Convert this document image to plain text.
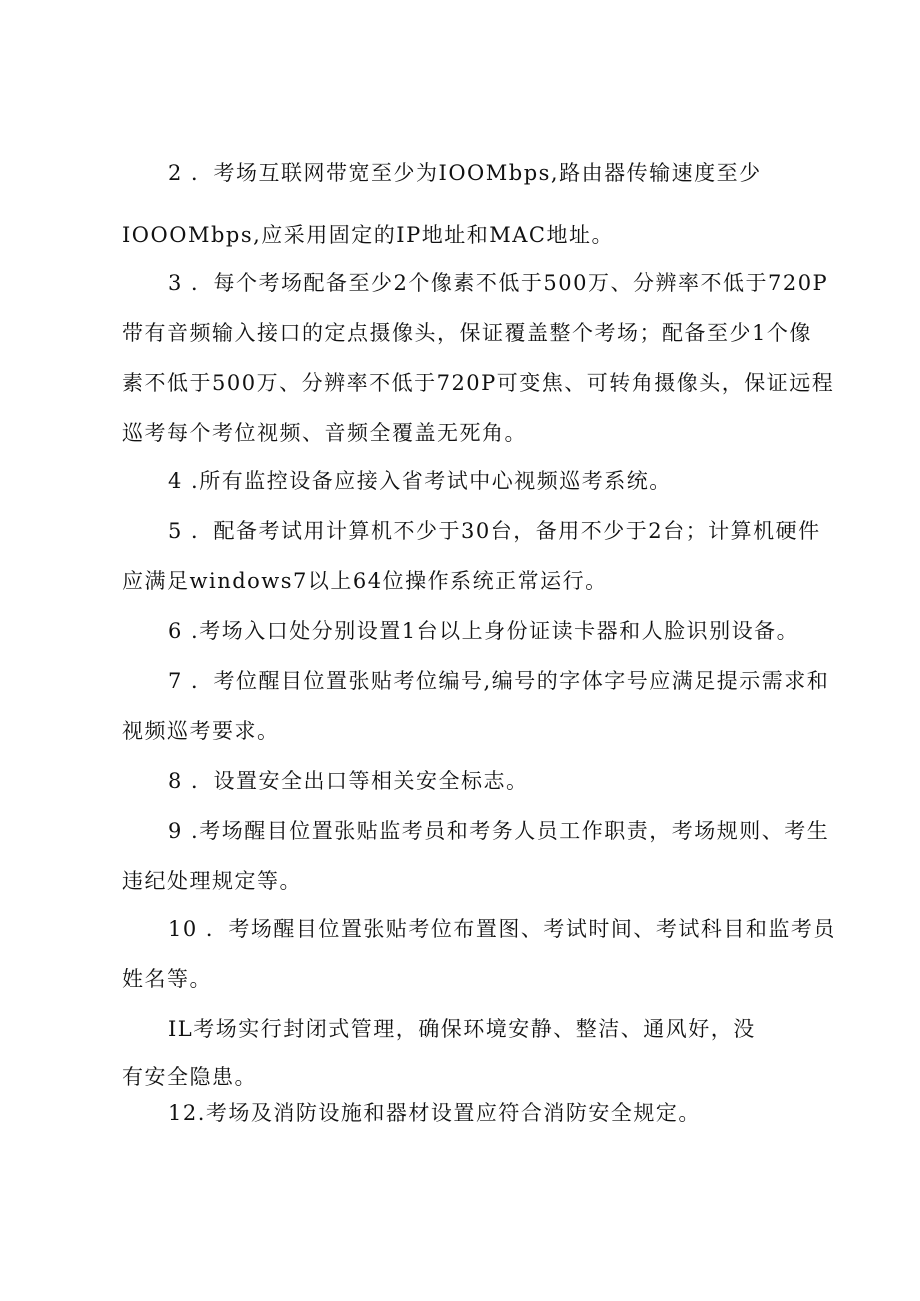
2 ．考场互联网带宽至少为IOOMbps,路由器传输速度至少
IOOOMbps,应采用固定的IP地址和MAC地址。
3 ．每个考场配备至少2个像素不低于500万、分辨率不低于720P
带有音频输入接口的定点摄像头，保证覆盖整个考场；配备至少1个像
素不低于500万、分辨率不低于720P可变焦、可转角摄像头，保证远程
巡考每个考位视频、音频全覆盖无死角。
4 .所有监控设备应接入省考试中心视频巡考系统。
5 ．配备考试用计算机不少于30台，备用不少于2台；计算机硬件
应满足windows7以上64位操作系统正常运行。
6 .考场入口处分别设置1台以上身份证读卡器和人脸识别设备。
7 ．考位醒目位置张贴考位编号,编号的字体字号应满足提示需求和
视频巡考要求。
8 ．设置安全出口等相关安全标志。
9 .考场醒目位置张贴监考员和考务人员工作职责，考场规则、考生
违纪处理规定等。
10 ．考场醒目位置张贴考位布置图、考试时间、考试科目和监考员
姓名等。
IL考场实行封闭式管理，确保环境安静、整洁、通风好，没
有安全隐患。
12.考场及消防设施和器材设置应符合消防安全规定。
